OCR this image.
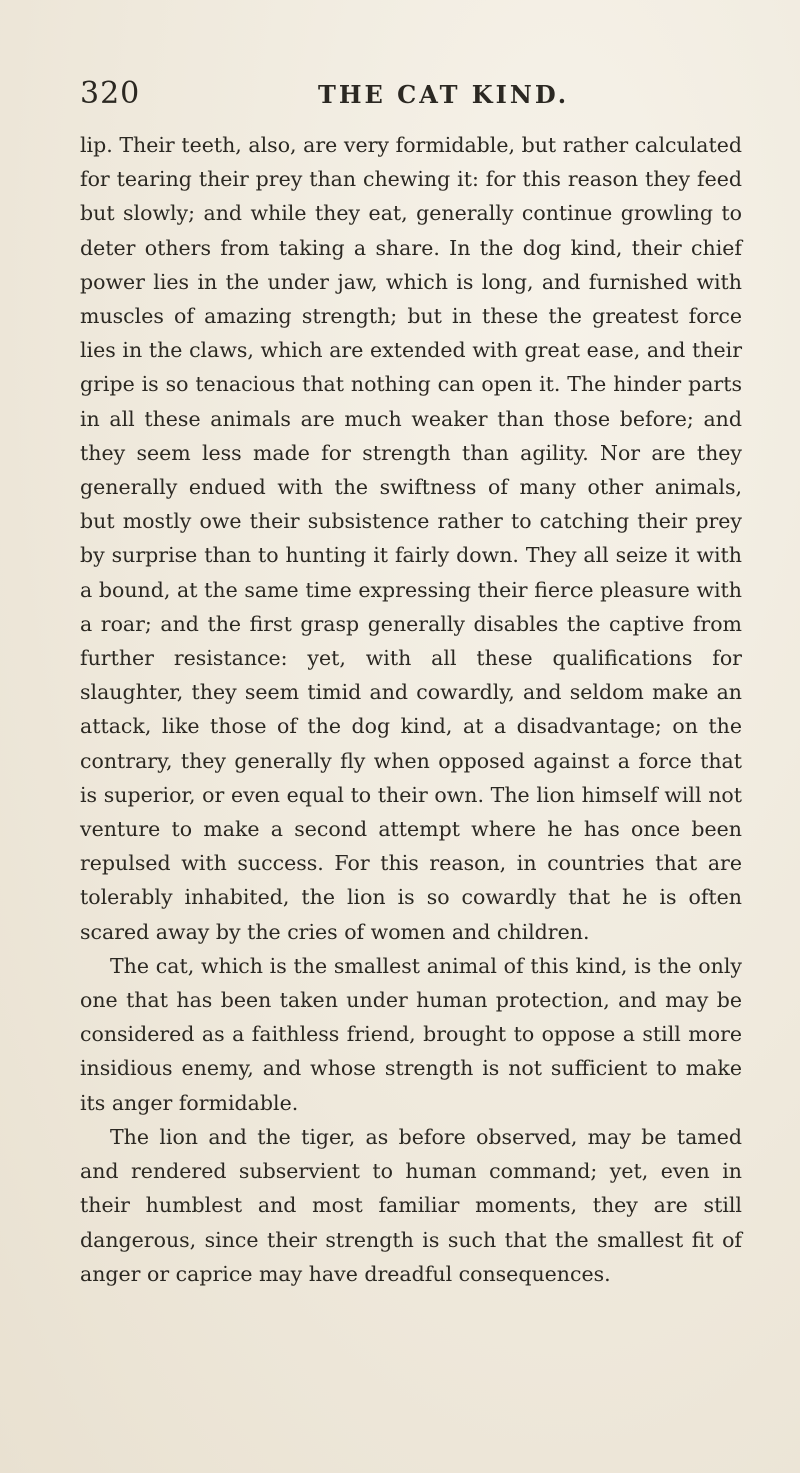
320	THE CAT KIND.

lip. Their teeth, also, are very formidable, but rather calculated for tearing their prey than chewing it: for this reason they feed but slowly; and while they eat, generally continue growling to deter others from taking a share. In the dog kind, their chief power lies in the under jaw, which is long, and furnished with muscles of amazing strength; but in these the greatest force lies in the claws, which are extended with great ease, and their gripe is so tenacious that nothing can open it. The hinder parts in all these animals are much weaker than those before; and they seem less made for strength than agility. Nor are they generally endued with the swiftness of many other animals, but mostly owe their subsistence rather to catching their prey by surprise than to hunting it fairly down. They all seize it with a bound, at the same time expressing their fierce pleasure with a roar; and the first grasp generally disables the captive from further resistance: yet, with all these qualifications for slaughter, they seem timid and cowardly, and seldom make an attack, like those of the dog kind, at a disadvantage; on the contrary, they generally fly when opposed against a force that is superior, or even equal to their own. The lion himself will not venture to make a second attempt where he has once been repulsed with success. For this reason, in countries that are tolerably inhabited, the lion is so cowardly that he is often scared away by the cries of women and children.

The cat, which is the smallest animal of this kind, is the only one that has been taken under human protection, and may be considered as a faithless friend, brought to oppose a still more insidious enemy, and whose strength is not sufficient to make its anger formidable.

The lion and the tiger, as before observed, may be tamed and rendered subservient to human command; yet, even in their humblest and most familiar moments, they are still dangerous, since their strength is such that the smallest fit of anger or caprice may have dreadful consequences.
